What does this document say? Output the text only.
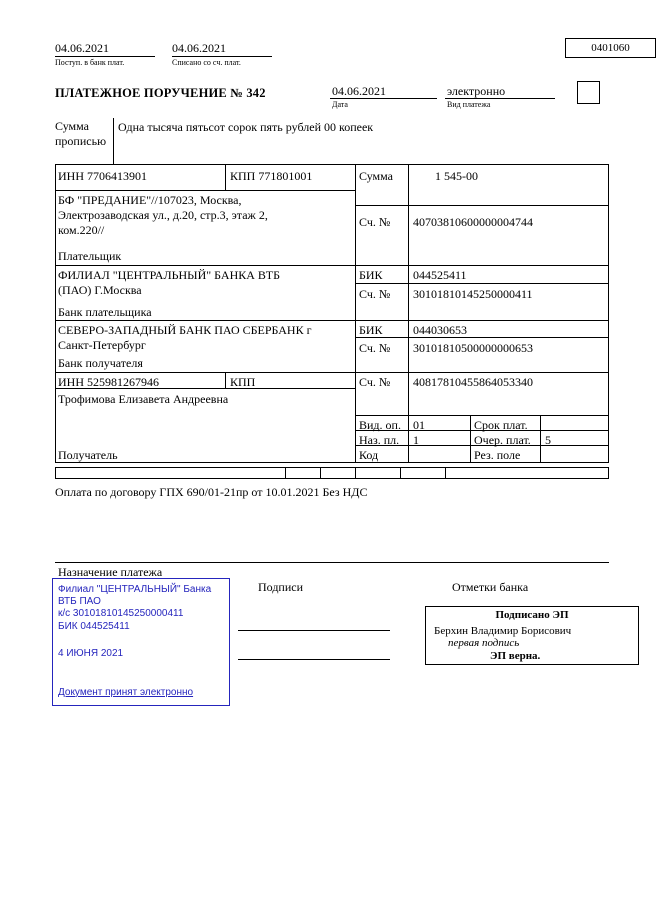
04.06.2021
Поступ. в банк плат.
04.06.2021
Списано со сч. плат.
0401060
ПЛАТЕЖНОЕ ПОРУЧЕНИЕ № 342	04.06.2021
Дата
электронно
Вид платежа
Сумма прописью
Одна тысяча пятьсот сорок пять рублей 00 копеек
ИНН 7706413901	КПП 771801001	Сумма	1 545-00
БФ "ПРЕДАНИЕ"//107023, Москва, Электрозаводская ул., д.20, стр.3, этаж 2, ком.220//
Сч. № 40703810600000004744
Плательщик
ФИЛИАЛ "ЦЕНТРАЛЬНЫЙ" БАНКА ВТБ (ПАО) Г.Москва
БИК	044525411
Сч. № 30101810145250000411
Банк плательщика
СЕВЕРО-ЗАПАДНЫЙ БАНК ПАО СБЕРБАНК г Санкт-Петербург
БИК	044030653
Сч. № 30101810500000000653
Банк получателя
ИНН 525981267946	КПП	Сч. № 40817810455864053340
Трофимова Елизавета Андреевна
Вид. оп. 01	Срок плат.
Наз. пл. 1	Очер. плат. 5
Получатель	Код	Рез. поле
Оплата по договору ГПХ 690/01-21пр от 10.01.2021 Без НДС
Назначение платежа
Подписи	Отметки банка
Филиал "ЦЕНТРАЛЬНЫЙ" Банка ВТБ ПАО
к/с 30101810145250000411
БИК 044525411
4 ИЮНЯ 2021
Документ принят электронно
Подписано ЭП
Берхин Владимир Борисович
первая подпись
ЭП верна.
